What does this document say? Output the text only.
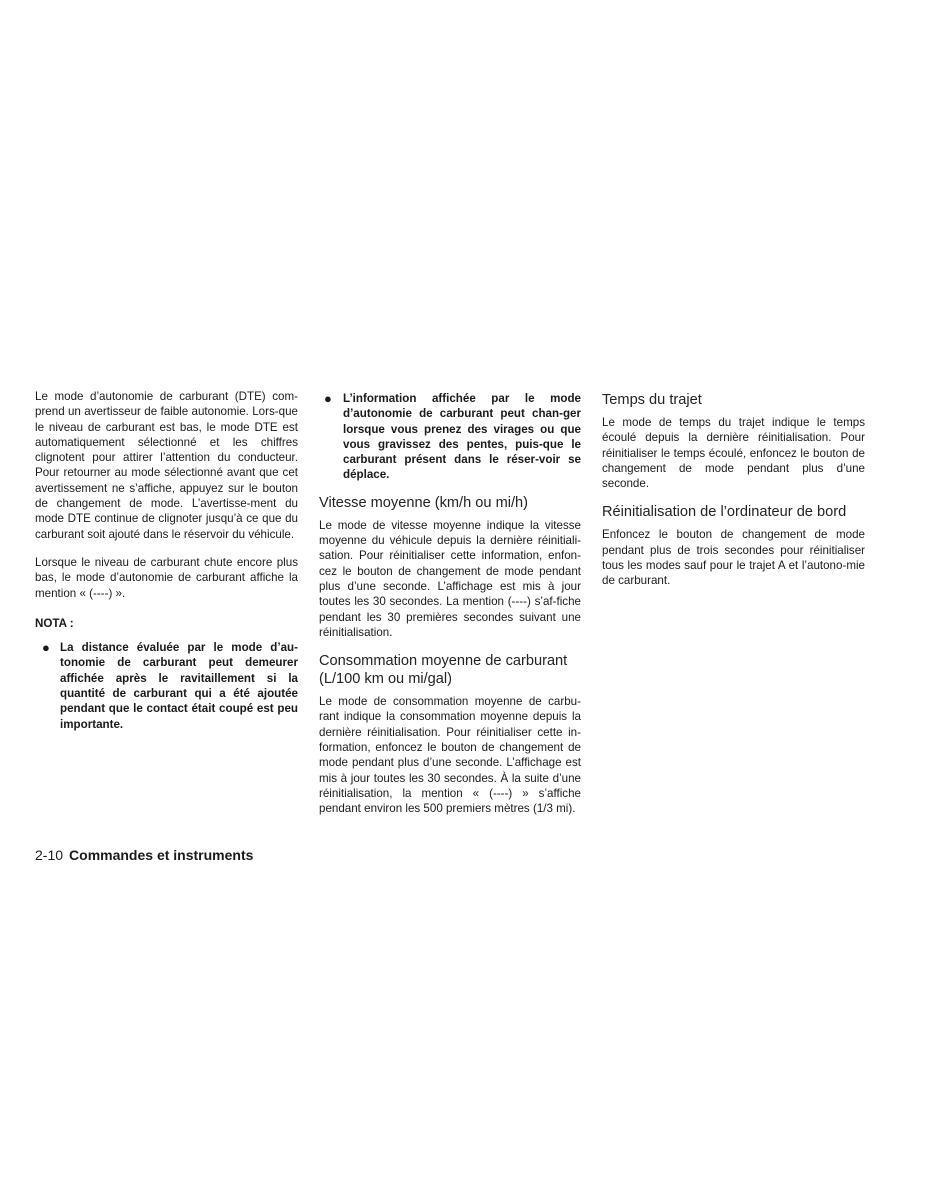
Le mode d’autonomie de carburant (DTE) com-prend un avertisseur de faible autonomie. Lors-que le niveau de carburant est bas, le mode DTE est automatiquement sélectionné et les chiffres clignotent pour attirer l’attention du conducteur. Pour retourner au mode sélectionné avant que cet avertissement ne s’affiche, appuyez sur le bouton de changement de mode. L’avertisse-ment du mode DTE continue de clignoter jusqu’à ce que du carburant soit ajouté dans le réservoir du véhicule.

Lorsque le niveau de carburant chute encore plus bas, le mode d’autonomie de carburant affiche la mention « (----) ».

NOTA :

● La distance évaluée par le mode d’au-tonomie de carburant peut demeurer affichée après le ravitaillement si la quantité de carburant qui a été ajoutée pendant que le contact était coupé est peu importante.
● L’information affichée par le mode d’autonomie de carburant peut chan-ger lorsque vous prenez des virages ou que vous gravissez des pentes, puis-que le carburant présent dans le réser-voir se déplace.
Vitesse moyenne (km/h ou mi/h)

Le mode de vitesse moyenne indique la vitesse moyenne du véhicule depuis la dernière réinitiali-sation. Pour réinitialiser cette information, enfon-cez le bouton de changement de mode pendant plus d’une seconde. L’affichage est mis à jour toutes les 30 secondes. La mention (----) s’af-fiche pendant les 30 premières secondes suivant une réinitialisation.

Consommation moyenne de carburant (L/100 km ou mi/gal)

Le mode de consommation moyenne de carbu-rant indique la consommation moyenne depuis la dernière réinitialisation. Pour réinitialiser cette in-formation, enfoncez le bouton de changement de mode pendant plus d’une seconde. L’affichage est mis à jour toutes les 30 secondes. À la suite d’une réinitialisation, la mention « (----) » s’affiche pendant environ les 500 premiers mètres (1/3 mi).

Temps du trajet

Le mode de temps du trajet indique le temps écoulé depuis la dernière réinitialisation. Pour réinitialiser le temps écoulé, enfoncez le bouton de changement de mode pendant plus d’une seconde.

Réinitialisation de l’ordinateur de bord

Enfoncez le bouton de changement de mode pendant plus de trois secondes pour réinitialiser tous les modes sauf pour le trajet A et l’autono-mie de carburant.

2-10 Commandes et instruments
